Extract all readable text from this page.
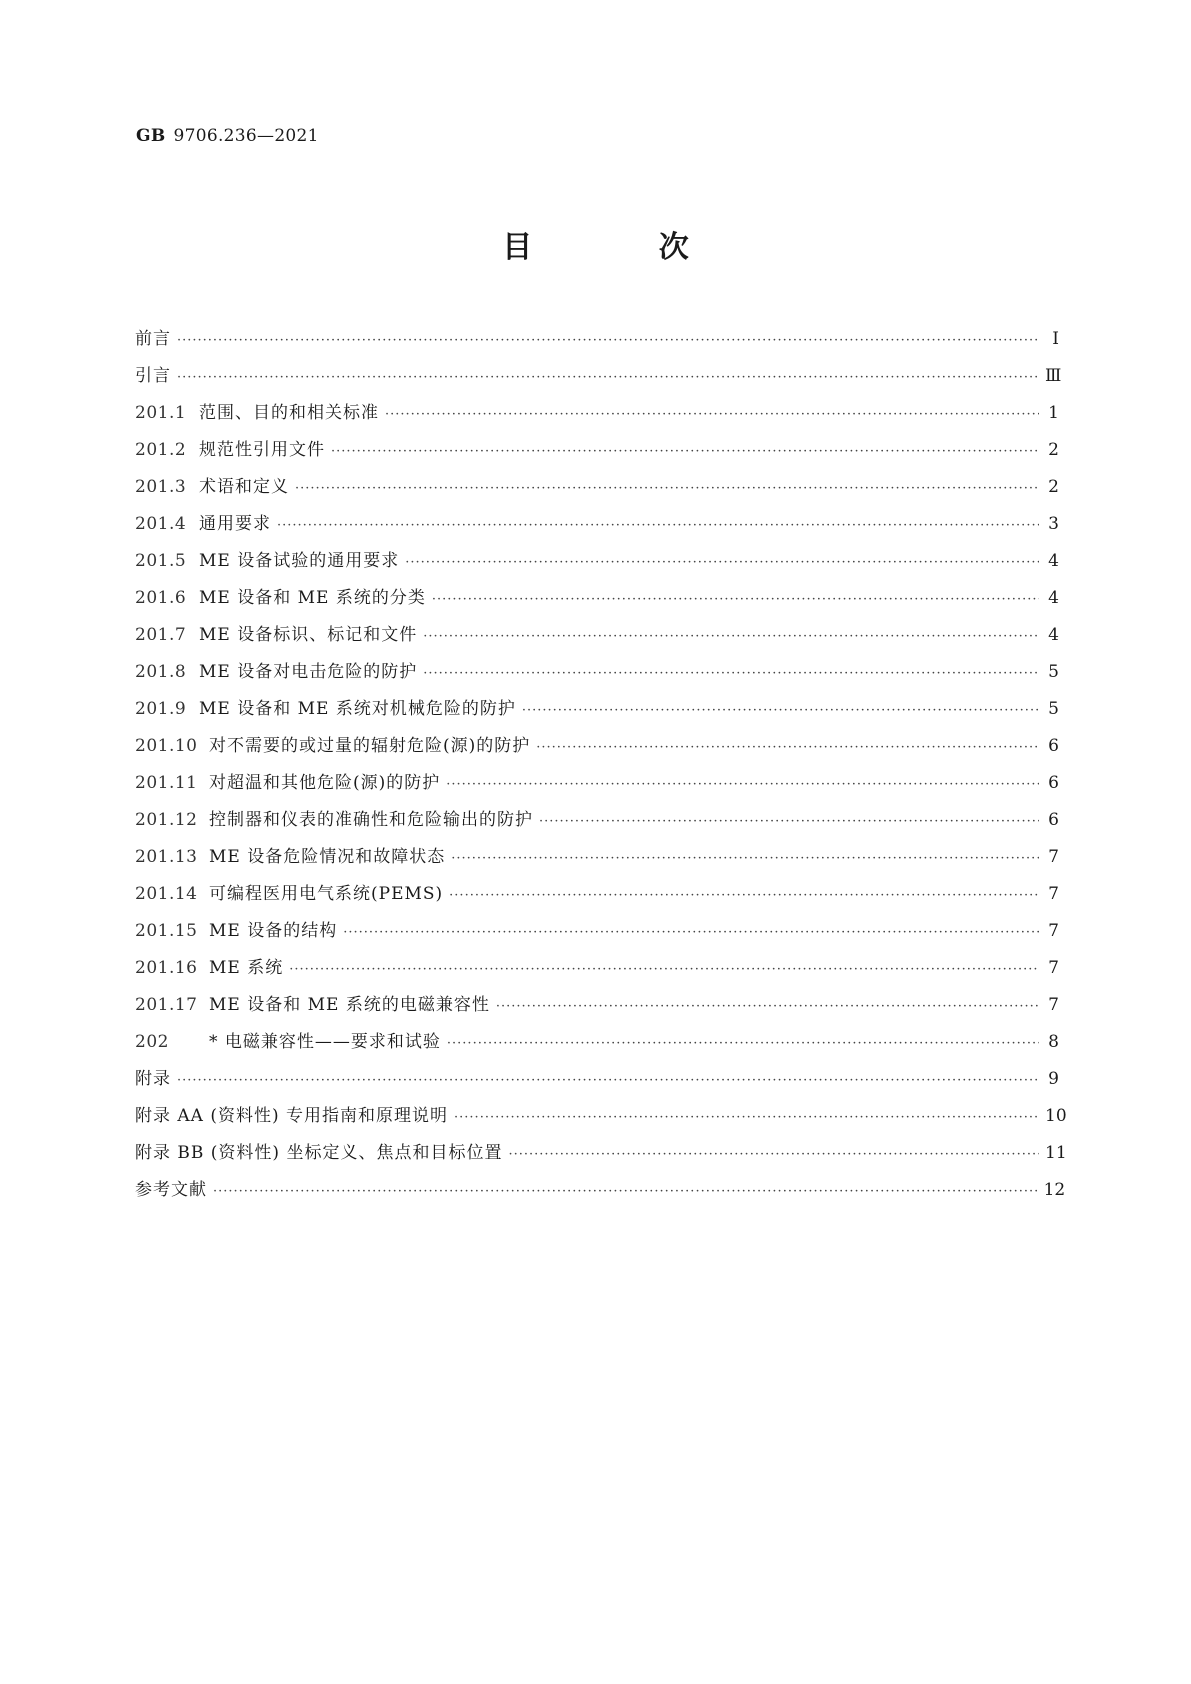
GB 9706.236—2021
目 次
前言 ·····	Ⅰ
引言 ·····	Ⅲ
201.1 范围、目的和相关标准 ·····	1
201.2 规范性引用文件 ·····	2
201.3 术语和定义 ·····	2
201.4 通用要求 ·····	3
201.5 ME 设备试验的通用要求 ·····	4
201.6 ME 设备和 ME 系统的分类 ·····	4
201.7 ME 设备标识、标记和文件 ·····	4
201.8 ME 设备对电击危险的防护 ·····	5
201.9 ME 设备和 ME 系统对机械危险的防护 ·····	5
201.10 对不需要的或过量的辐射危险(源)的防护 ·····	6
201.11 对超温和其他危险(源)的防护 ·····	6
201.12 控制器和仪表的准确性和危险输出的防护 ·····	6
201.13 ME 设备危险情况和故障状态 ·····	7
201.14 可编程医用电气系统(PEMS) ·····	7
201.15 ME 设备的结构 ·····	7
201.16 ME 系统 ·····	7
201.17 ME 设备和 ME 系统的电磁兼容性 ·····	7
202	* 电磁兼容性——要求和试验 ·····	8
附录 ·····	9
附录 AA (资料性) 专用指南和原理说明 ·····	10
附录 BB (资料性) 坐标定义、焦点和目标位置 ·····	11
参考文献 ·····	12
